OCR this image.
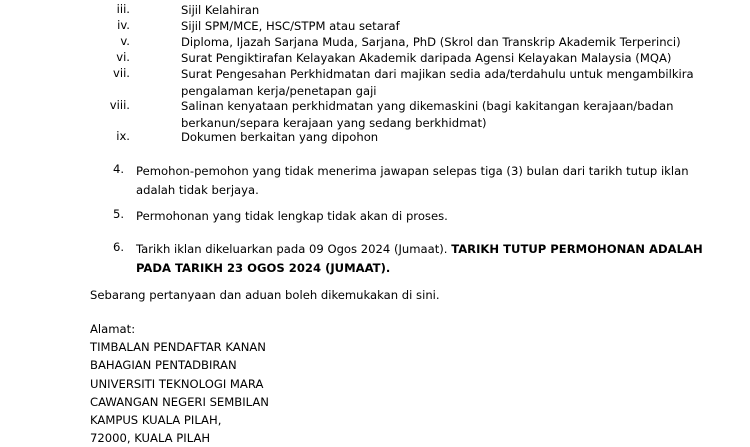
iii.	Sijil Kelahiran
iv.	Sijil SPM/MCE, HSC/STPM atau setaraf
v.	Diploma, Ijazah Sarjana Muda, Sarjana, PhD (Skrol dan Transkrip Akademik Terperinci)
vi.	Surat Pengiktirafan Kelayakan Akademik daripada Agensi Kelayakan Malaysia (MQA)
vii.	Surat Pengesahan Perkhidmatan dari majikan sedia ada/terdahulu untuk mengambilkira pengalaman kerja/penetapan gaji
viii.	Salinan kenyataan perkhidmatan yang dikemaskini (bagi kakitangan kerajaan/badan berkanun/separa kerajaan yang sedang berkhidmat)
ix.	Dokumen berkaitan yang dipohon
4. Pemohon-pemohon yang tidak menerima jawapan selepas tiga (3) bulan dari tarikh tutup iklan adalah tidak berjaya.
5. Permohonan yang tidak lengkap tidak akan di proses.
6. Tarikh iklan dikeluarkan pada 09 Ogos 2024 (Jumaat). TARIKH TUTUP PERMOHONAN ADALAH PADA TARIKH 23 OGOS 2024 (JUMAAT).
Sebarang pertanyaan dan aduan boleh dikemukakan di sini.
Alamat:
TIMBALAN PENDAFTAR KANAN
BAHAGIAN PENTADBIRAN
UNIVERSITI TEKNOLOGI MARA
CAWANGAN NEGERI SEMBILAN
KAMPUS KUALA PILAH,
72000, KUALA PILAH
